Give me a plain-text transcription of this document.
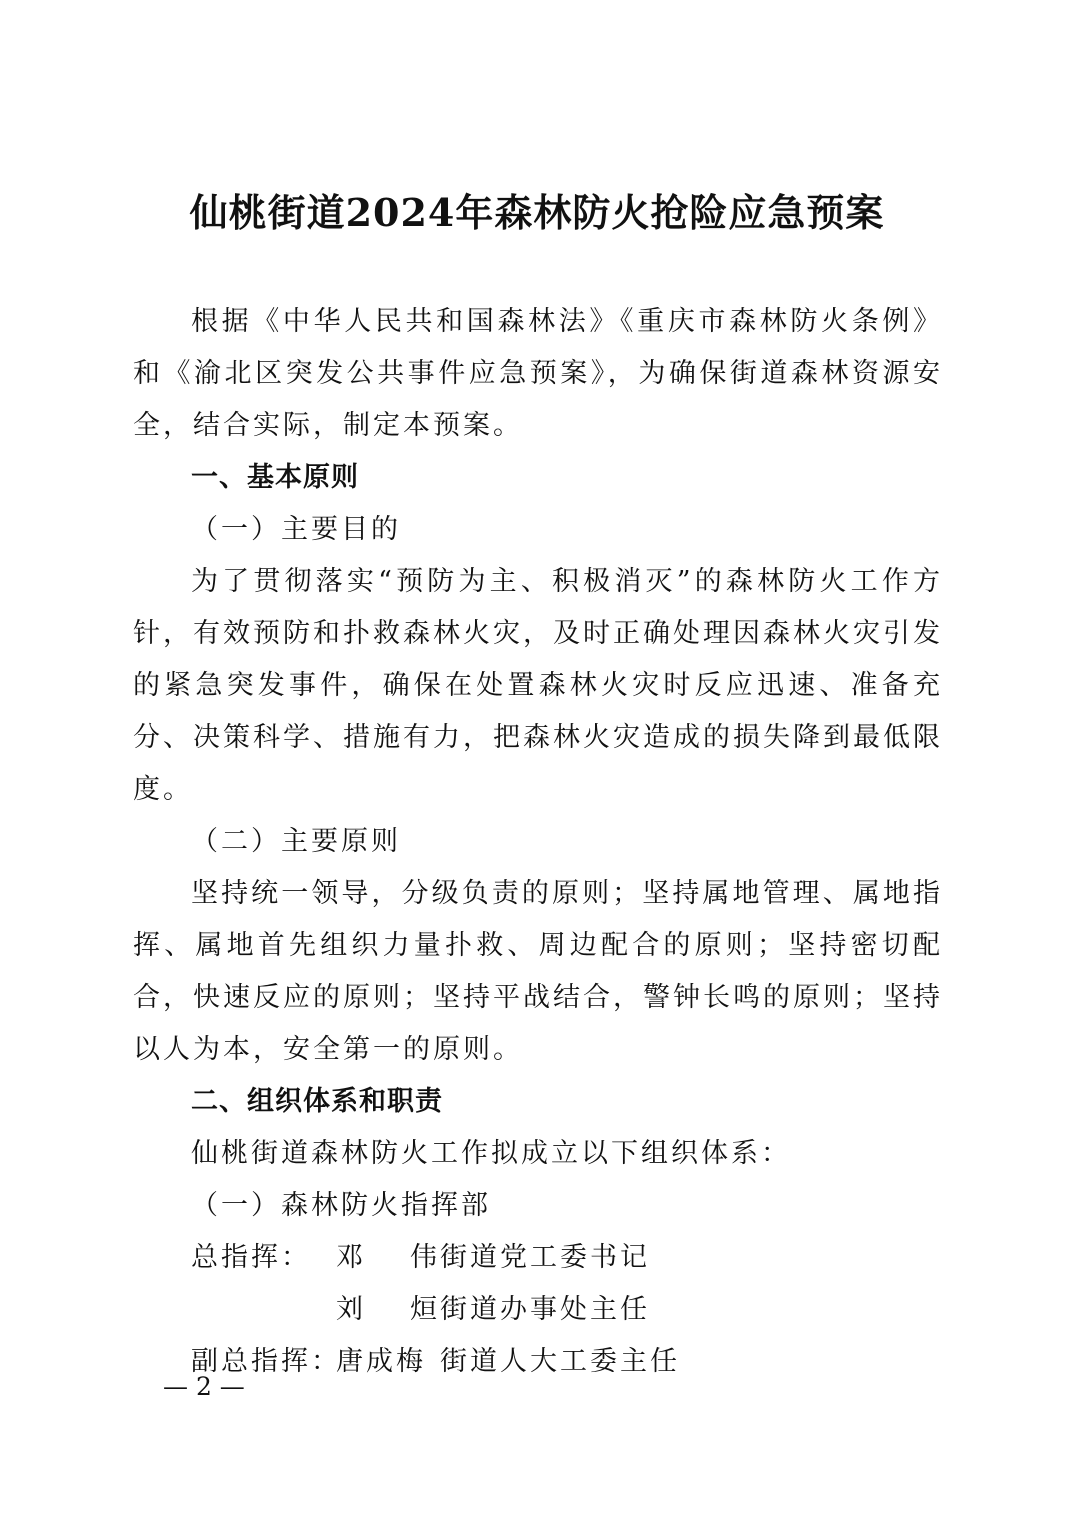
仙桃街道2024年森林防火抢险应急预案

根据《中华人民共和国森林法》《重庆市森林防火条例》和《渝北区突发公共事件应急预案》，为确保街道森林资源安全，结合实际，制定本预案。

一、基本原则

（一）主要目的

为了贯彻落实“预防为主、积极消灭”的森林防火工作方针，有效预防和扑救森林火灾，及时正确处理因森林火灾引发的紧急突发事件，确保在处置森林火灾时反应迅速、准备充分、决策科学、措施有力，把森林火灾造成的损失降到最低限度。

（二）主要原则

坚持统一领导，分级负责的原则；坚持属地管理、属地指挥、属地首先组织力量扑救、周边配合的原则；坚持密切配合，快速反应的原则；坚持平战结合，警钟长鸣的原则；坚持以人为本，安全第一的原则。

二、组织体系和职责

仙桃街道森林防火工作拟成立以下组织体系：

（一）森林防火指挥部

总指挥： 邓 伟 街道党工委书记
刘 烜 街道办事处主任
副总指挥：
唐成梅 街道人大工委主任
— 2 —
